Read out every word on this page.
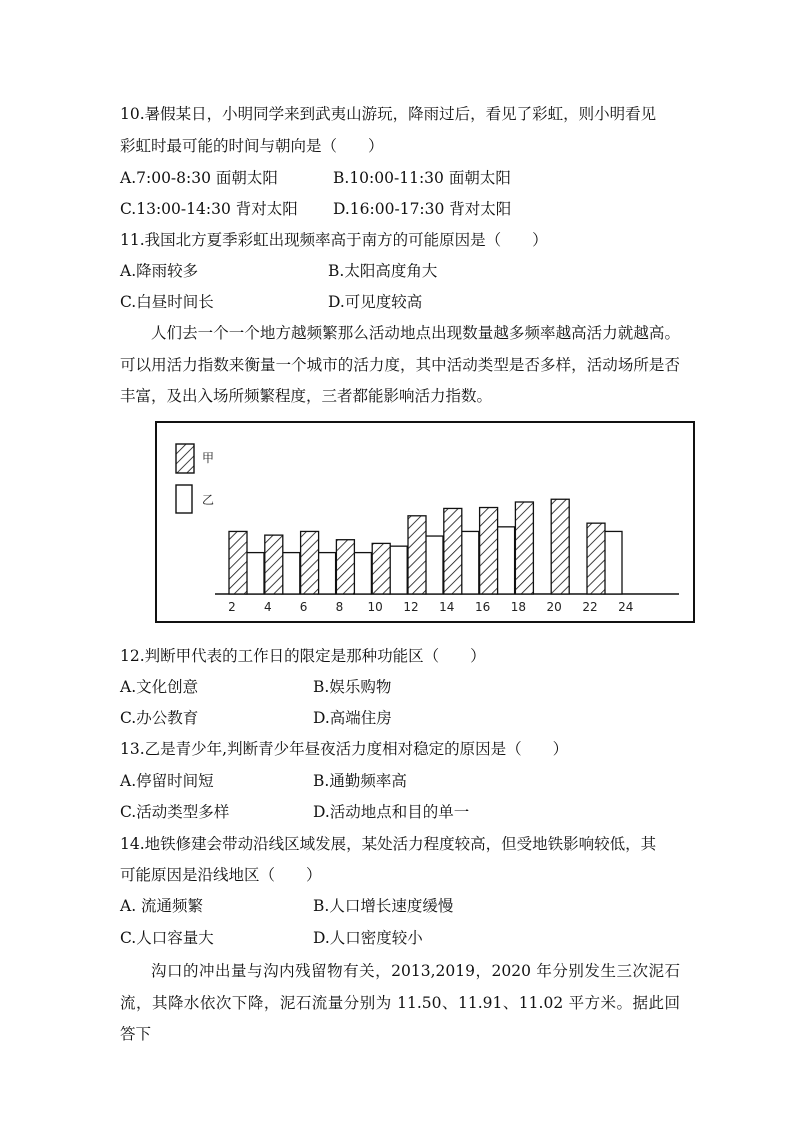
10.暑假某日，小明同学来到武夷山游玩，降雨过后，看见了彩虹，则小明看见
彩虹时最可能的时间与朝向是（　　）
A.7:00-8:30 面朝太阳	B.10:00-11:30 面朝太阳
C.13:00-14:30 背对太阳 D.16:00-17:30 背对太阳
11.我国北方夏季彩虹出现频率高于南方的可能原因是（　　）
A.降雨较多	B.太阳高度角大
C.白昼时间长	D.可见度较高
人们去一个一个地方越频繁那么活动地点出现数量越多频率越高活力就越高。可以用活力指数来衡量一个城市的活力度，其中活动类型是否多样，活动场所是否丰富，及出入场所频繁程度，三者都能影响活力指数。
甲
乙
2 4 6 8 10 12 14 16 18 20 22 24
12.判断甲代表的工作日的限定是那种功能区（　　）
A.文化创意	B.娱乐购物
C.办公教育	D.高端住房
13.乙是青少年,判断青少年昼夜活力度相对稳定的原因是（　　）
A.停留时间短	B.通勤频率高
C.活动类型多样	D.活动地点和目的单一
14.地铁修建会带动沿线区域发展，某处活力程度较高，但受地铁影响较低，其
可能原因是沿线地区（　　）
A. 流通频繁	B.人口增长速度缓慢
C.人口容量大	D.人口密度较小
沟口的冲出量与沟内残留物有关，2013,2019，2020 年分别发生三次泥石流，其降水依次下降，泥石流量分别为 11.50、11.91、11.02 平方米。据此回答下
